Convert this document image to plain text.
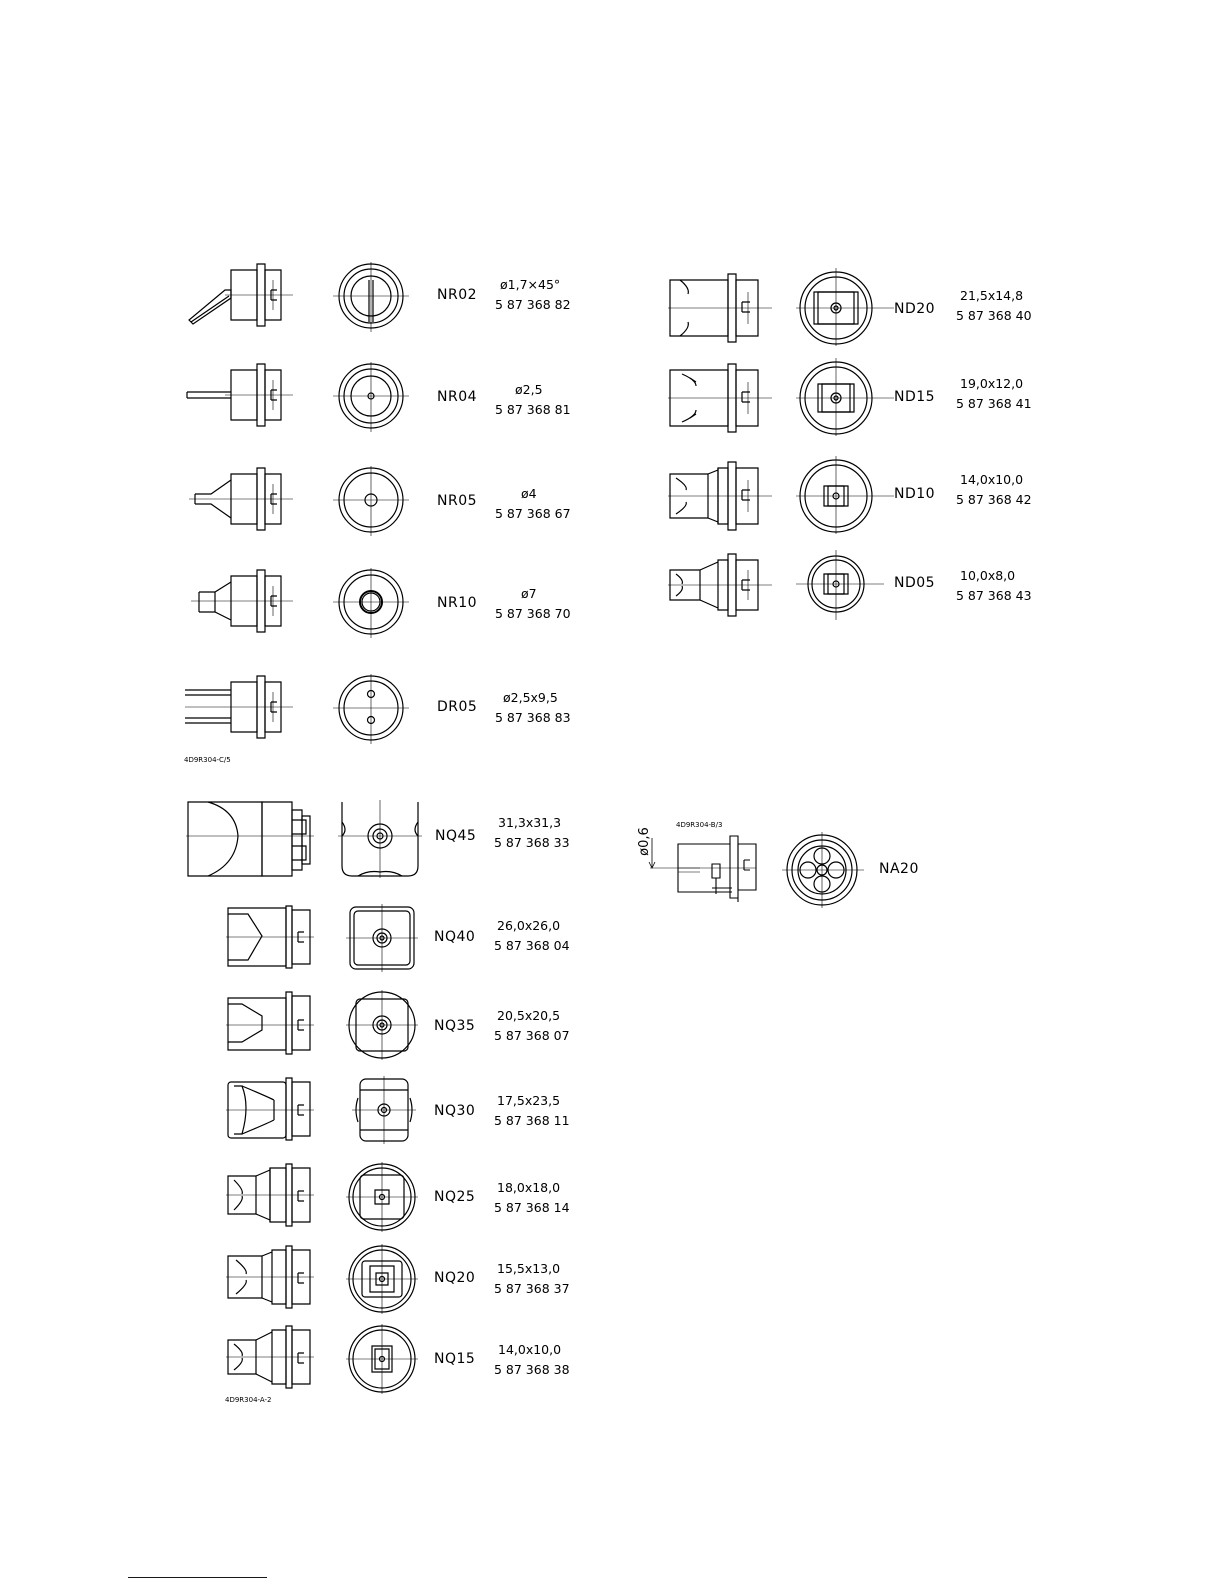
NR02
ø1,7×45°
5 87 368 82
NR04	ø2,5
5 87 368 81
NR05	ø4
5 87 368 67
NR10
ø7
5 87 368 70
DR05
ø2,5x9,5
5 87 368 83
4D9R304-C/5
ND20
21,5x14,8
5 87 368 40
ND15
19,0x12,0
5 87 368 41
ND10
14,0x10,0
5 87 368 42
ND05	10,0x8,0
5 87 368 43
NQ45
31,3x31,3
5 87 368 33
NQ40
26,0x26,0
5 87 368 04
NQ35
20,5x20,5
5 87 368 07
NQ30
17,5x23,5
5 87 368 11
NQ25
18,0x18,0
5 87 368 14
NQ20
15,5x13,0
5 87 368 37
NQ15
14,0x10,0
5 87 368 38
4D9R304-A-2
4D9R304-B/3
ø0,6
NA20
